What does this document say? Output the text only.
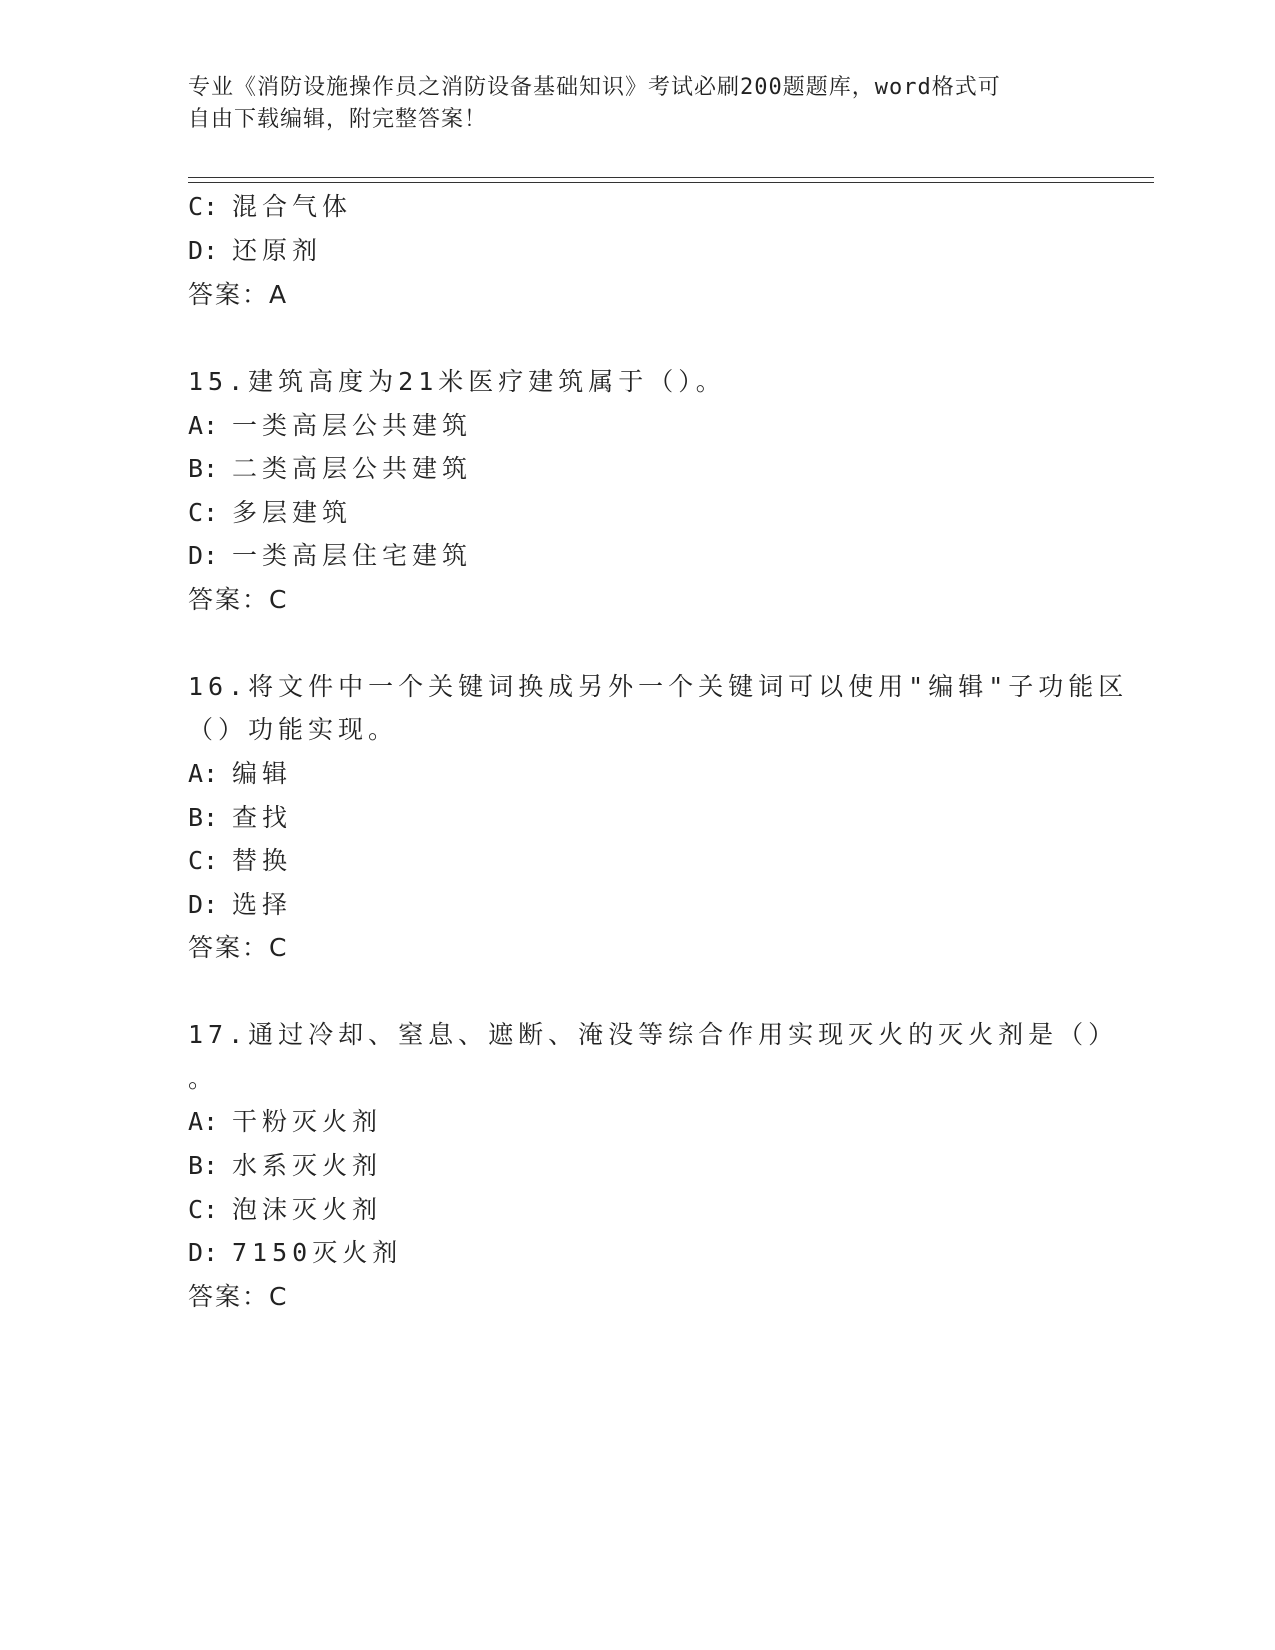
专业《消防设施操作员之消防设备基础知识》考试必刷200题题库，word格式可
自由下载编辑，附完整答案！
C: 混合气体
D: 还原剂
答案：A
15.建筑高度为21米医疗建筑属于（）。
A: 一类高层公共建筑
B: 二类高层公共建筑
C: 多层建筑
D: 一类高层住宅建筑
答案：C
16.将文件中一个关键词换成另外一个关键词可以使用"编辑"子功能区
（）功能实现。
A: 编辑
B: 查找
C: 替换
D: 选择
答案：C
17.通过冷却、窒息、遮断、淹没等综合作用实现灭火的灭火剂是（）
。
A: 干粉灭火剂
B: 水系灭火剂
C: 泡沫灭火剂
D: 7150灭火剂
答案：C
